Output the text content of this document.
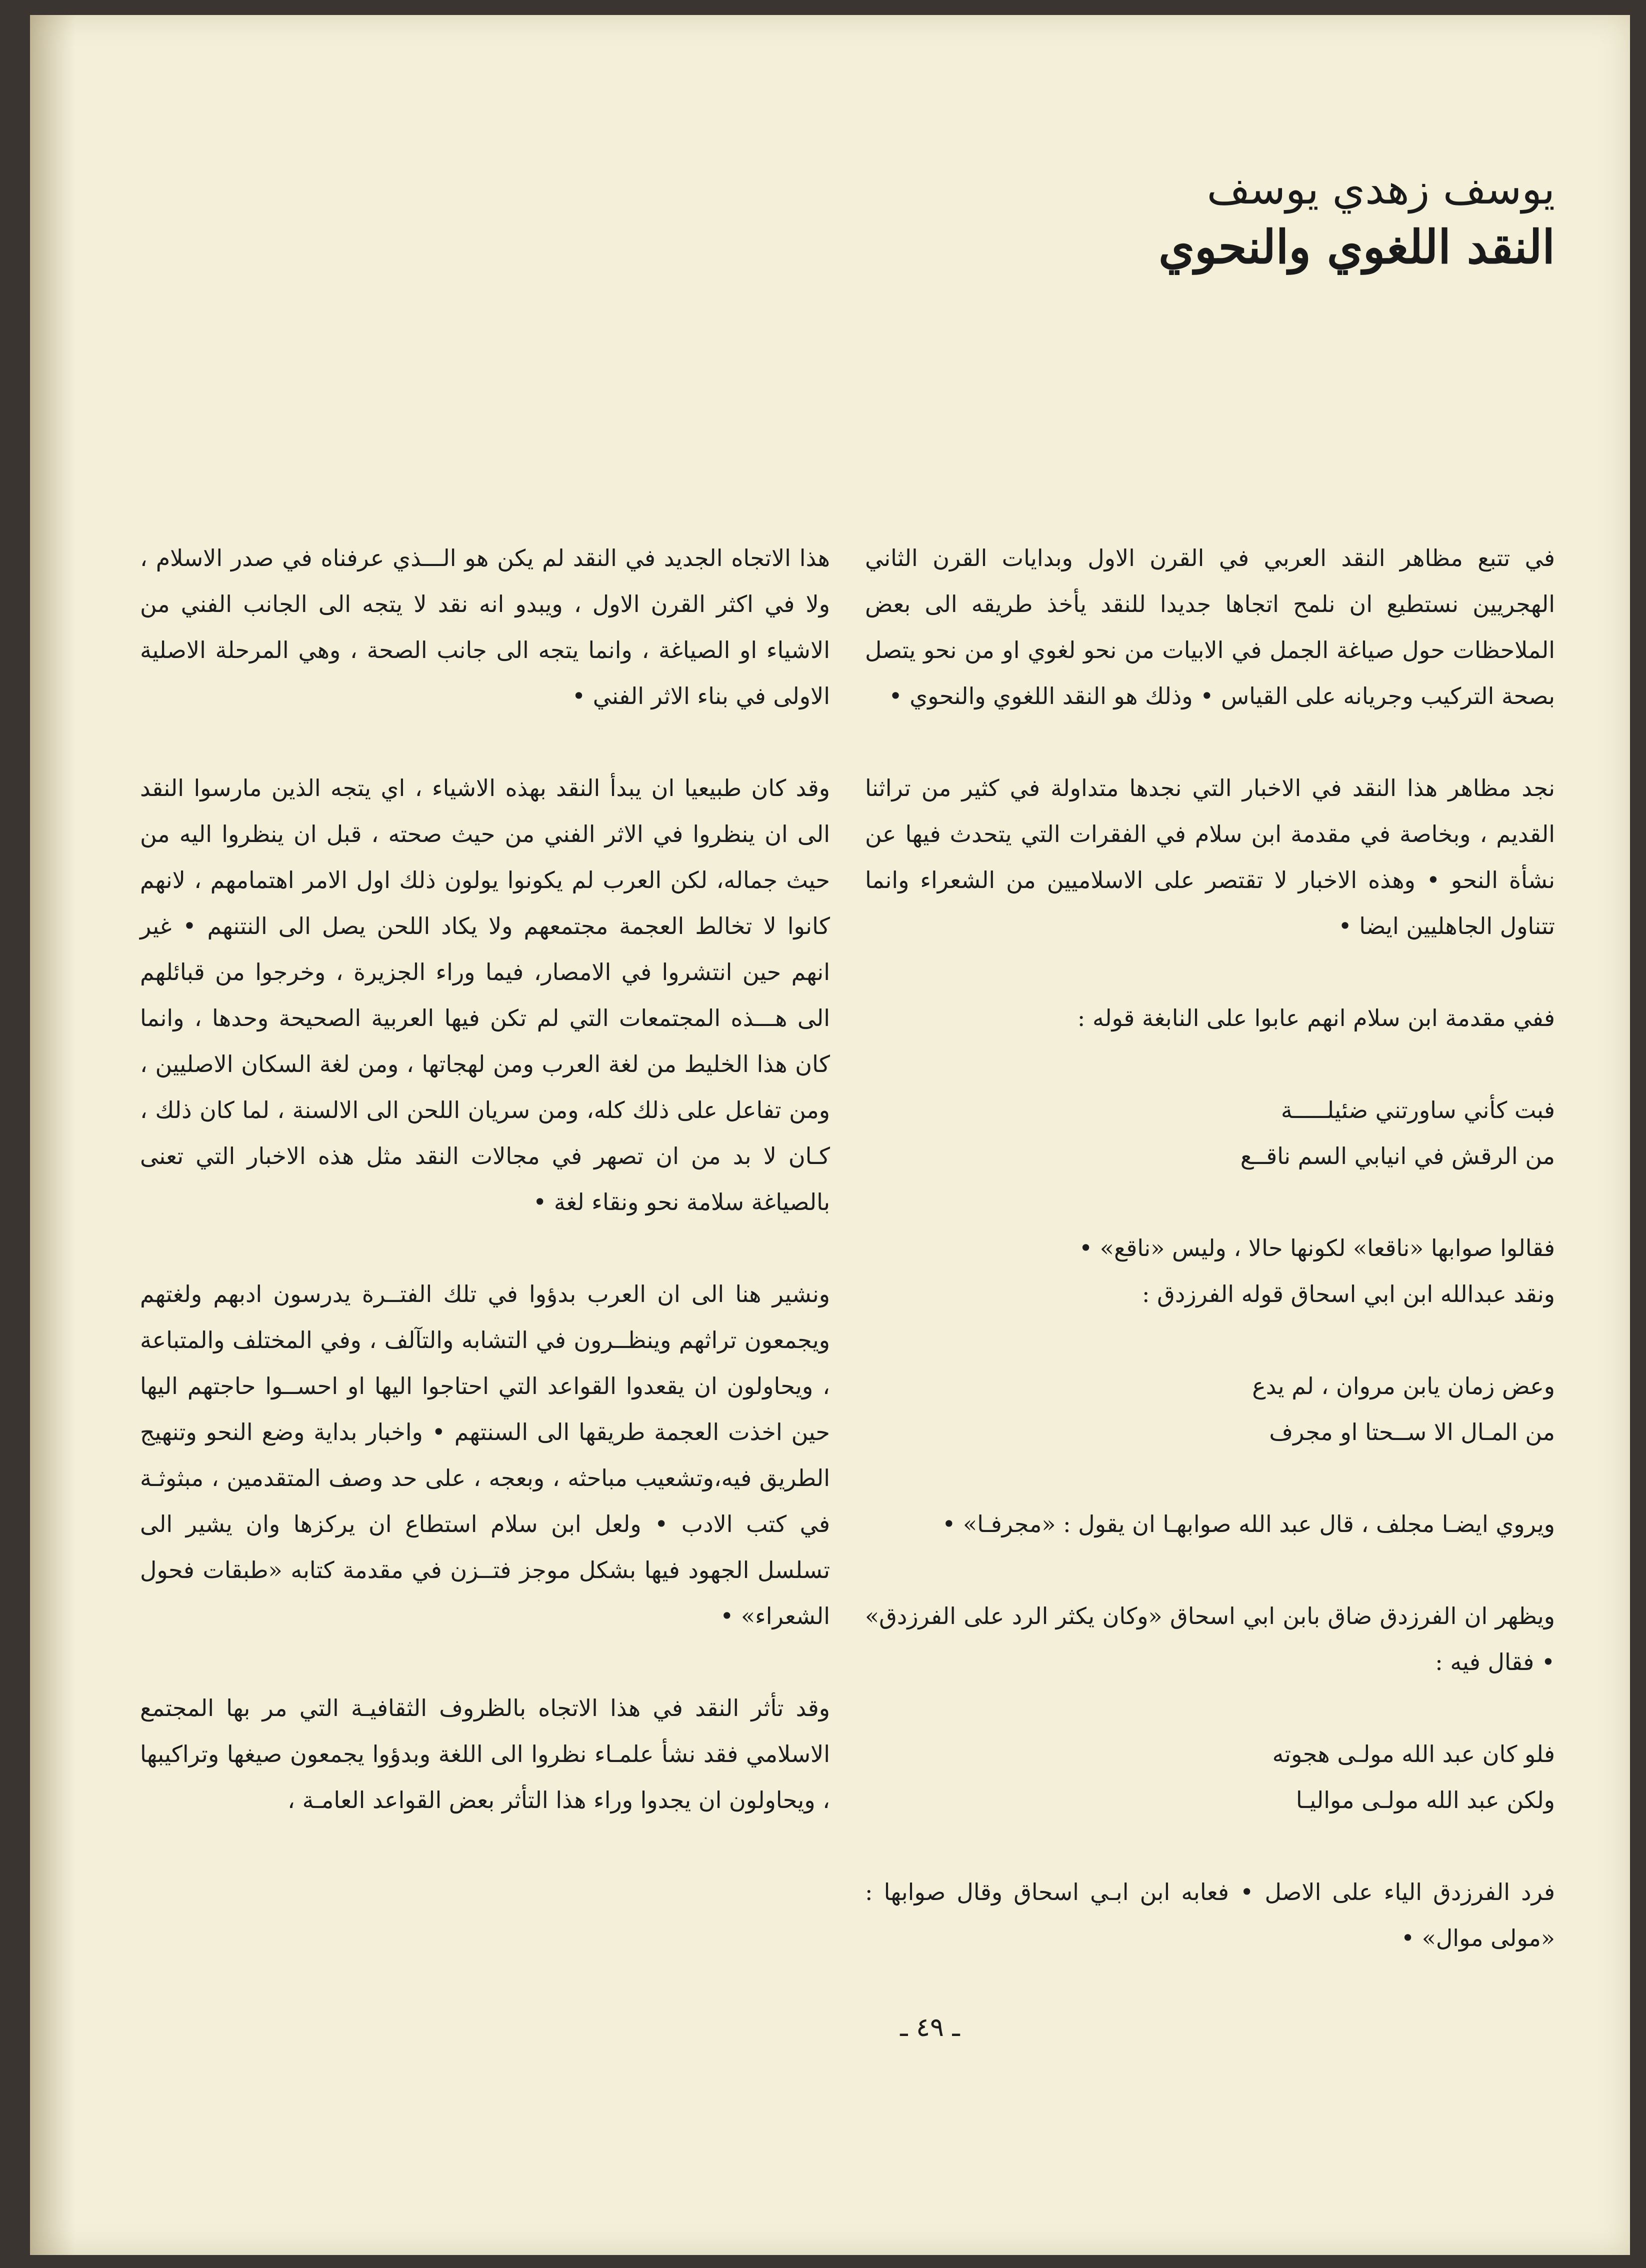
يوسف زهدي يوسف
النقد اللغوي والنحوي

في تتبع مظاهر النقد العربي في القرن الاول وبدايات القرن الثاني الهجريين نستطيع ان نلمح اتجاها جديدا للنقد يأخذ طريقه الى بعض الملاحظات حول صياغة الجمل في الابيات من نحو لغوي او من نحو يتصل بصحة التركيب وجريانه على القياس • وذلك هو النقد اللغوي والنحوي •

نجد مظاهر هذا النقد في الاخبار التي نجدها متداولة في كثير من تراثنا القديم ، وبخاصة في مقدمة ابن سلام في الفقرات التي يتحدث فيها عن نشأة النحو • وهذه الاخبار لا تقتصر على الاسلاميين من الشعراء وانما تتناول الجاهليين ايضا •

ففي مقدمة ابن سلام انهم عابوا على النابغة قوله :

فبت كأني ساورتني ضئيلـــــة
من الرقش في انيابي السم ناقــع
فقالوا صوابها «ناقعا» لكونها حالا ، وليس «ناقع» •
ونقد عبدالله ابن ابي اسحاق قوله الفرزدق :
وعض زمان يابن مروان ، لم يدع
من المـال الا ســحتا او مجرف

ويروي ايضـا مجلف ، قال عبد الله صوابهـا ان يقول : «مجرفـا» •

ويظهر ان الفرزدق ضاق بابن ابي اسحاق «وكان يكثر الرد على الفرزدق» • فقال فيه :

فلو كان عبد الله مولـى هجوته
ولكن عبد الله مولـى مواليـا

فرد الفرزدق الياء على الاصل • فعابه ابن ابـي اسحاق وقال صوابها : «مولى موال» •

هذا الاتجاه الجديد في النقد لم يكن هو الـــذي عرفناه في صدر الاسلام ، ولا في اكثر القرن الاول ، ويبدو انه نقد لا يتجه الى الجانب الفني من الاشياء او الصياغة ، وانما يتجه الى جانب الصحة ، وهي المرحلة الاصلية الاولى في بناء الاثر الفني •

وقد كان طبيعيا ان يبدأ النقد بهذه الاشياء ، اي يتجه الذين مارسوا النقد الى ان ينظروا في الاثر الفني من حيث صحته ، قبل ان ينظروا اليه من حيث جماله، لكن العرب لم يكونوا يولون ذلك اول الامر اهتمامهم ، لانهم كانوا لا تخالط العجمة مجتمعهم ولا يكاد اللحن يصل الى النتنهم • غير انهم حين انتشروا في الامصار، فيما وراء الجزيرة ، وخرجوا من قبائلهم الى هـــذه المجتمعات التي لم تكن فيها العربية الصحيحة وحدها ، وانما كان هذا الخليط من لغة العرب ومن لهجاتها ، ومن لغة السكان الاصليين ، ومن تفاعل على ذلك كله، ومن سريان اللحن الى الالسنة ، لما كان ذلك ، كـان لا بد من ان تصهر في مجالات النقد مثل هذه الاخبار التي تعنى بالصياغة سلامة نحو ونقاء لغة •

ونشير هنا الى ان العرب بدؤوا في تلك الفتــرة يدرسون ادبهم ولغتهم ويجمعون تراثهم وينظــرون في التشابه والتآلف ، وفي المختلف والمتباعة ، ويحاولون ان يقعدوا القواعد التي احتاجوا اليها او احســوا حاجتهم اليها حين اخذت العجمة طريقها الى السنتهم • واخبار بداية وضع النحو وتنهيج الطريق فيه،وتشعيب مباحثه ، وبعجه ، على حد وصف المتقدمين ، مبثوثـة في كتب الادب • ولعل ابن سلام استطاع ان يركزها وان يشير الى تسلسل الجهود فيها بشكل موجز فتــزن في مقدمة كتابه «طبقات فحول الشعراء» •

وقد تأثر النقد في هذا الاتجاه بالظروف الثقافيـة التي مر بها المجتمع الاسلامي فقد نشأ علمـاء نظروا الى اللغة وبدؤوا يجمعون صيغها وتراكيبها ، ويحاولون ان يجدوا وراء هذا التأثر بعض القواعد العامـة ،

ـ ٤٩ ـ
